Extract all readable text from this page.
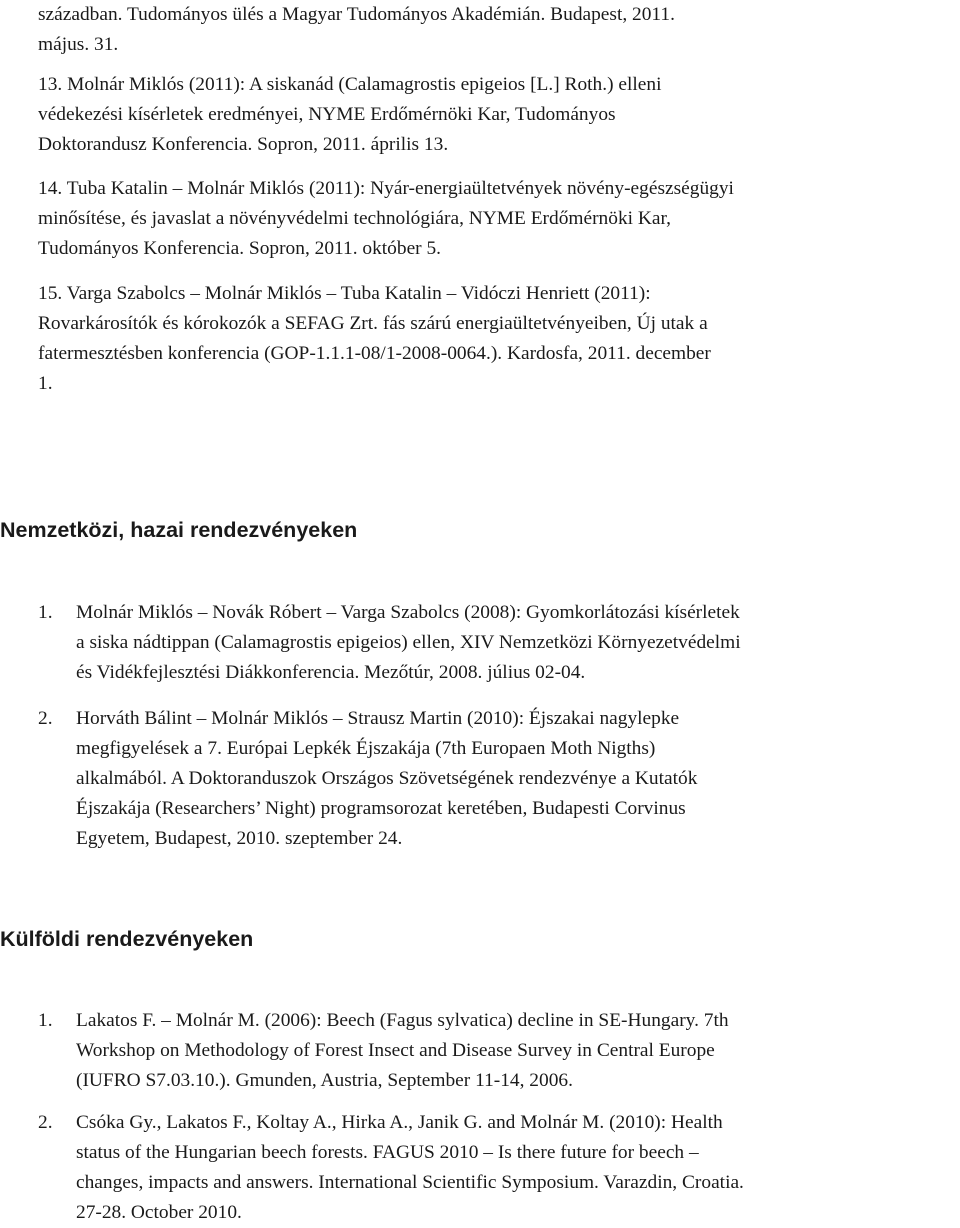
században. Tudományos ülés a Magyar Tudományos Akadémián. Budapest, 2011.
május. 31.
13. Molnár Miklós (2011): A siskanád (Calamagrostis epigeios [L.] Roth.) elleni
védekezési kísérletek eredményei, NYME Erdőmérnöki Kar, Tudományos
Doktorandusz Konferencia. Sopron, 2011. április 13.
14. Tuba Katalin – Molnár Miklós (2011): Nyár-energiaültetvények növény-egészségügyi
minősítése, és javaslat a növényvédelmi technológiára, NYME Erdőmérnöki Kar,
Tudományos Konferencia. Sopron, 2011. október 5.
15. Varga Szabolcs – Molnár Miklós – Tuba Katalin – Vidóczi Henriett (2011):
Rovarkárosítók és kórokozók a SEFAG Zrt. fás szárú energiaültetvényeiben, Új utak a
fatermesztésben konferencia (GOP-1.1.1-08/1-2008-0064.). Kardosfa, 2011. december
1.
Nemzetközi, hazai rendezvényeken
1. Molnár Miklós – Novák Róbert – Varga Szabolcs (2008): Gyomkorlátozási kísérletek
a siska nádtippan (Calamagrostis epigeios) ellen, XIV Nemzetközi Környezetvédelmi
és Vidékfejlesztési Diákkonferencia. Mezőtúr, 2008. július 02-04.
2. Horváth Bálint – Molnár Miklós – Strausz Martin (2010): Éjszakai nagylepke
megfigyelések a 7. Európai Lepkék Éjszakája (7th Europaen Moth Nigths)
alkalmából. A Doktoranduszok Országos Szövetségének rendezvénye a Kutatók
Éjszakája (Researchers’ Night) programsorozat keretében, Budapesti Corvinus
Egyetem, Budapest, 2010. szeptember 24.
Külföldi rendezvényeken
1. Lakatos F. – Molnár M. (2006): Beech (Fagus sylvatica) decline in SE-Hungary. 7th
Workshop on Methodology of Forest Insect and Disease Survey in Central Europe
(IUFRO S7.03.10.). Gmunden, Austria, September 11-14, 2006.
2. Csóka Gy., Lakatos F., Koltay A., Hirka A., Janik G. and Molnár M. (2010): Health
status of the Hungarian beech forests. FAGUS 2010 – Is there future for beech –
changes, impacts and answers. International Scientific Symposium. Varazdin, Croatia.
27-28. October 2010.
